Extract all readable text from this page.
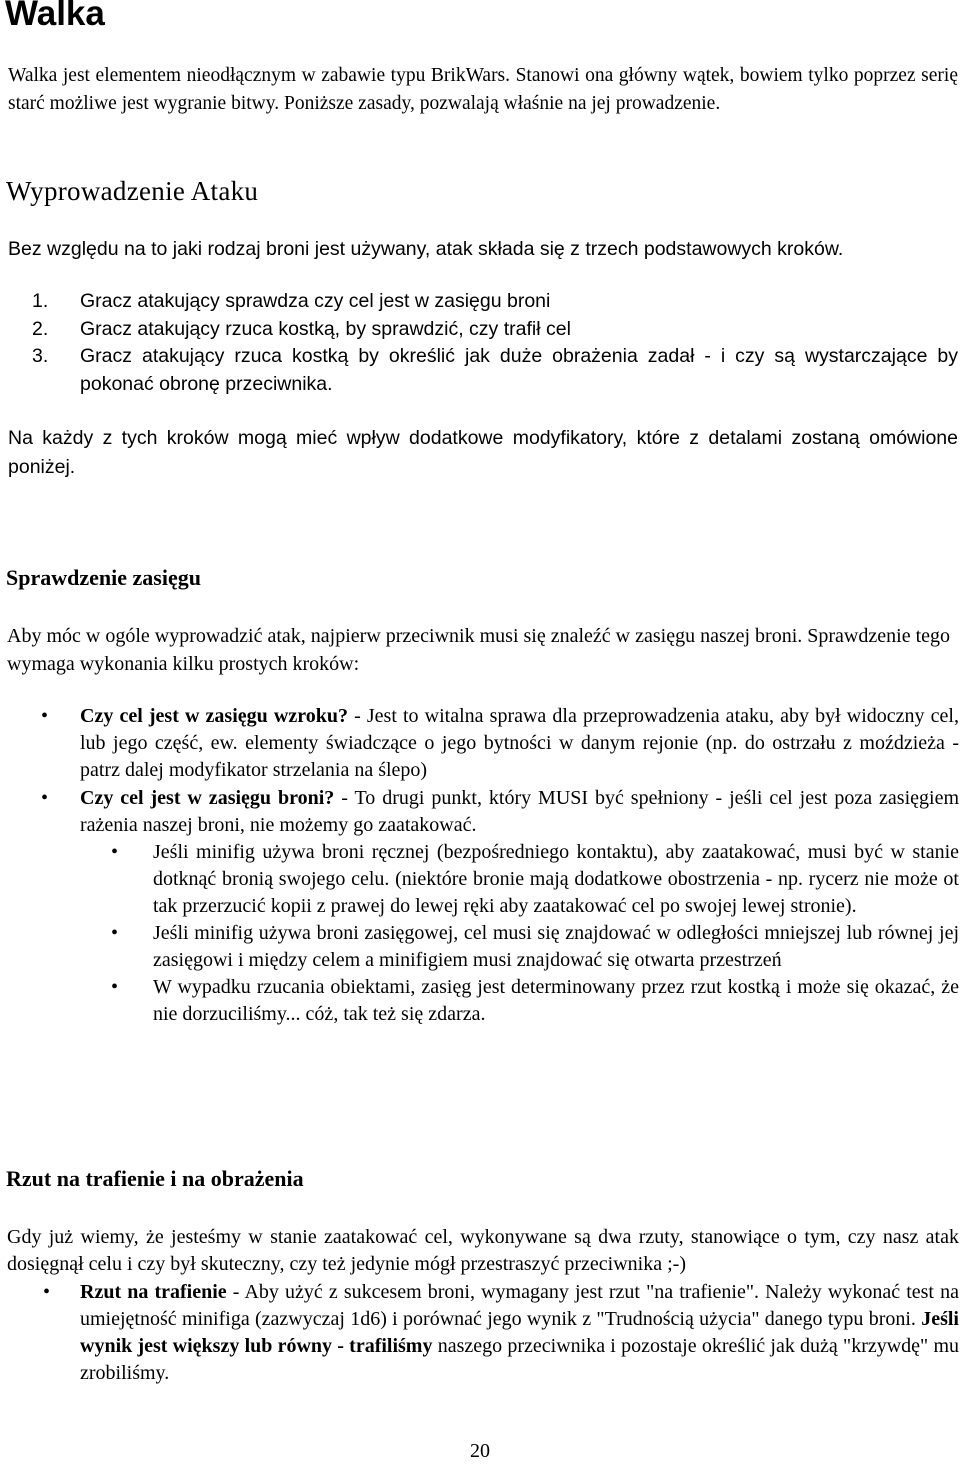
Walka

Walka jest elementem nieodłącznym w zabawie typu BrikWars. Stanowi ona główny wątek, bowiem tylko poprzez serię starć możliwe jest wygranie bitwy. Poniższe zasady, pozwalają właśnie na jej prowadzenie.

Wyprowadzenie Ataku

Bez względu na to jaki rodzaj broni jest używany, atak składa się z trzech podstawowych kroków.

1. Gracz atakujący sprawdza czy cel jest w zasięgu broni
2. Gracz atakujący rzuca kostką, by sprawdzić, czy trafił cel
3. Gracz atakujący rzuca kostką by określić jak duże obrażenia zadał - i czy są wystarczające by pokonać obronę przeciwnika.

Na każdy z tych kroków mogą mieć wpływ dodatkowe modyfikatory, które z detalami zostaną omówione poniżej.

Sprawdzenie zasięgu

Aby móc w ogóle wyprowadzić atak, najpierw przeciwnik musi się znaleźć w zasięgu naszej broni. Sprawdzenie tego wymaga wykonania kilku prostych kroków:

• Czy cel jest w zasięgu wzroku? - Jest to witalna sprawa dla przeprowadzenia ataku, aby był widoczny cel, lub jego część, ew. elementy świadczące o jego bytności w danym rejonie (np. do ostrzału z moździeża - patrz dalej modyfikator strzelania na ślepo)
• Czy cel jest w zasięgu broni? - To drugi punkt, który MUSI być spełniony - jeśli cel jest poza zasięgiem rażenia naszej broni, nie możemy go zaatakować.
• Jeśli minifig używa broni ręcznej (bezpośredniego kontaktu), aby zaatakować, musi być w stanie dotknąć bronią swojego celu. (niektóre bronie mają dodatkowe obostrzenia - np. rycerz nie może ot tak przerzucić kopii z prawej do lewej ręki aby zaatakować cel po swojej lewej stronie).
• Jeśli minifig używa broni zasięgowej, cel musi się znajdować w odległości mniejszej lub równej jej zasięgowi i między celem a minifigiem musi znajdować się otwarta przestrzeń
• W wypadku rzucania obiektami, zasięg jest determinowany przez rzut kostką i może się okazać, że nie dorzuciliśmy... cóż, tak też się zdarza.
Rzut na trafienie i na obrażenia

Gdy już wiemy, że jesteśmy w stanie zaatakować cel, wykonywane są dwa rzuty, stanowiące o tym, czy nasz atak dosięgnął celu i czy był skuteczny, czy też jedynie mógł przestraszyć przeciwnika ;-)

• Rzut na trafienie - Aby użyć z sukcesem broni, wymagany jest rzut "na trafienie". Należy wykonać test na umiejętność minifiga (zazwyczaj 1d6) i porównać jego wynik z "Trudnością użycia" danego typu broni. Jeśli wynik jest większy lub równy - trafiliśmy naszego przeciwnika i pozostaje określić jak dużą "krzywdę" mu zrobiliśmy.
20
